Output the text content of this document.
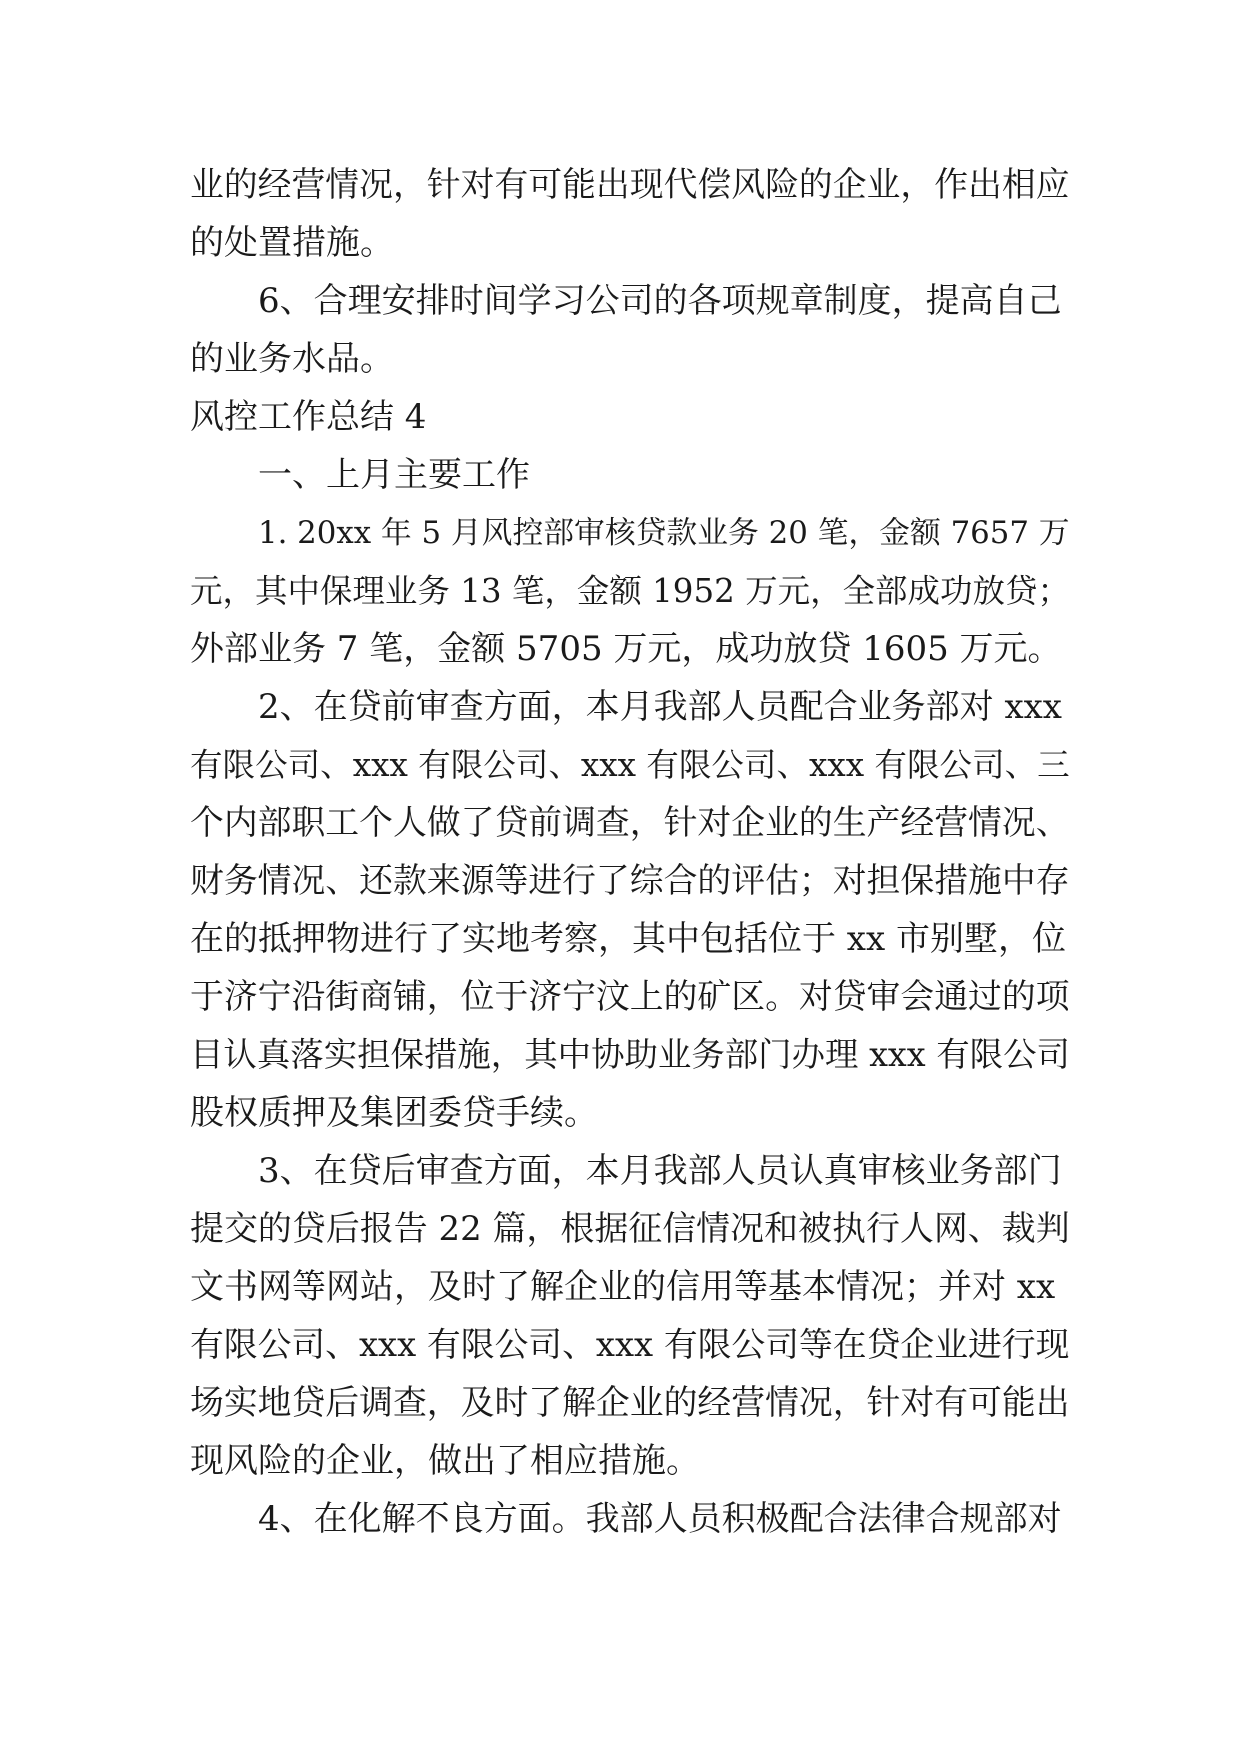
业的经营情况，针对有可能出现代偿风险的企业，作出相应
的处置措施。
6、合理安排时间学习公司的各项规章制度，提高自己
的业务水品。
风控工作总结 4
一、上月主要工作
1. 20xx 年 5 月风控部审核贷款业务 20 笔，金额 7657 万
元，其中保理业务 13 笔，金额 1952 万元，全部成功放贷；
外部业务 7 笔，金额 5705 万元，成功放贷 1605 万元。
2、在贷前审查方面，本月我部人员配合业务部对 xxx
有限公司、xxx 有限公司、xxx 有限公司、xxx 有限公司、三
个内部职工个人做了贷前调查，针对企业的生产经营情况、
财务情况、还款来源等进行了综合的评估；对担保措施中存
在的抵押物进行了实地考察，其中包括位于 xx 市别墅，位
于济宁沿街商铺，位于济宁汶上的矿区。对贷审会通过的项
目认真落实担保措施，其中协助业务部门办理 xxx 有限公司
股权质押及集团委贷手续。
3、在贷后审查方面，本月我部人员认真审核业务部门
提交的贷后报告 22 篇，根据征信情况和被执行人网、裁判
文书网等网站，及时了解企业的信用等基本情况；并对 xx
有限公司、xxx 有限公司、xxx 有限公司等在贷企业进行现
场实地贷后调查，及时了解企业的经营情况，针对有可能出
现风险的企业，做出了相应措施。
4、在化解不良方面。我部人员积极配合法律合规部对
